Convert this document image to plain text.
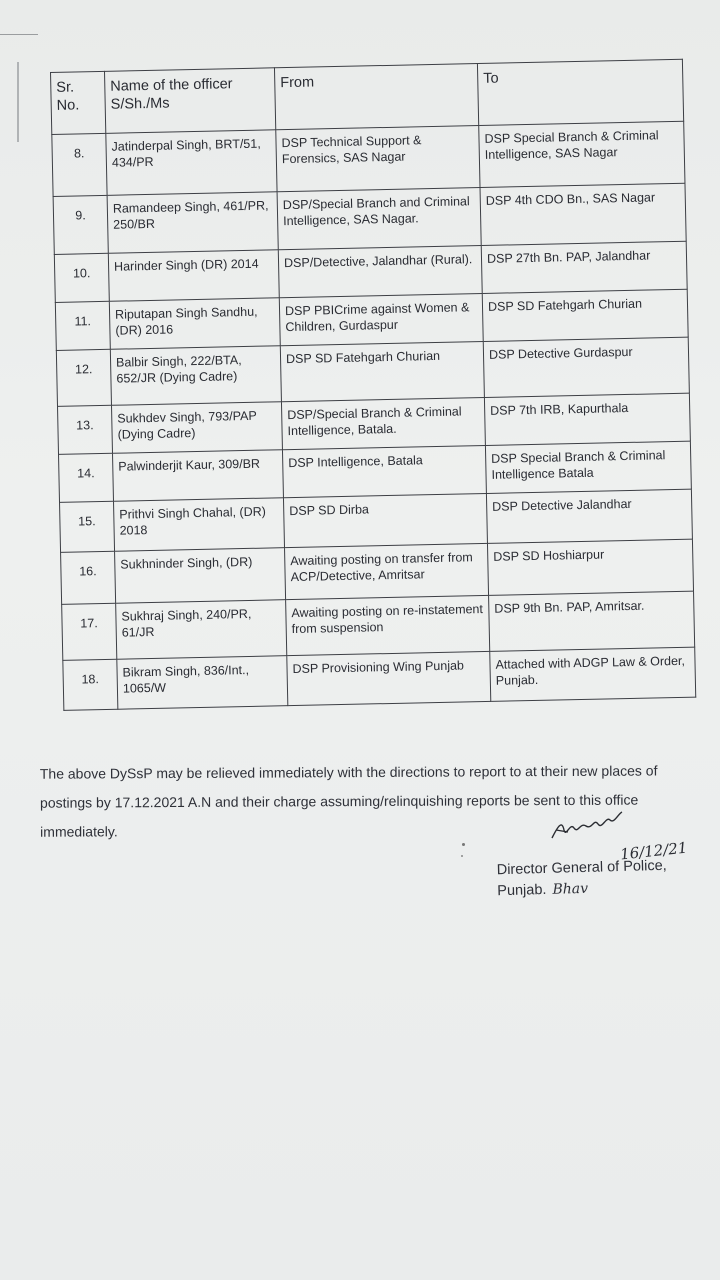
Sr. No.	Name of the officer S/Sh./Ms	From	To
8.	Jatinderpal Singh, BRT/51, 434/PR	DSP Technical Support & Forensics, SAS Nagar	DSP Special Branch & Criminal Intelligence, SAS Nagar
9.	Ramandeep Singh, 461/PR, 250/BR	DSP/Special Branch and Criminal Intelligence, SAS Nagar.	DSP 4th CDO Bn., SAS Nagar
10.	Harinder Singh (DR) 2014	DSP/Detective, Jalandhar (Rural).	DSP 27th Bn. PAP, Jalandhar
11.	Riputapan Singh Sandhu, (DR) 2016	DSP PBICrime against Women & Children, Gurdaspur	DSP SD Fatehgarh Churian
12.	Balbir Singh, 222/BTA, 652/JR (Dying Cadre)	DSP SD Fatehgarh Churian	DSP Detective Gurdaspur
13.	Sukhdev Singh, 793/PAP (Dying Cadre)	DSP/Special Branch & Criminal Intelligence, Batala.	DSP 7th IRB, Kapurthala
14.	Palwinderjit Kaur, 309/BR	DSP Intelligence, Batala	DSP Special Branch & Criminal Intelligence Batala
15.	Prithvi Singh Chahal, (DR) 2018	DSP SD Dirba	DSP Detective Jalandhar
16.	Sukhninder Singh, (DR)	Awaiting posting on transfer from ACP/Detective, Amritsar	DSP SD Hoshiarpur
17.	Sukhraj Singh, 240/PR, 61/JR	Awaiting posting on re-instatement from suspension	DSP 9th Bn. PAP, Amritsar.
18.	Bikram Singh, 836/Int., 1065/W	DSP Provisioning Wing Punjab	Attached with ADGP Law & Order, Punjab.
The above DySsP may be relieved immediately with the directions to report to at their new places of postings by 17.12.2021 A.N and their charge assuming/relinquishing reports be sent to this office immediately.
16/12/21
Director General of Police,
Punjab. Bhav
